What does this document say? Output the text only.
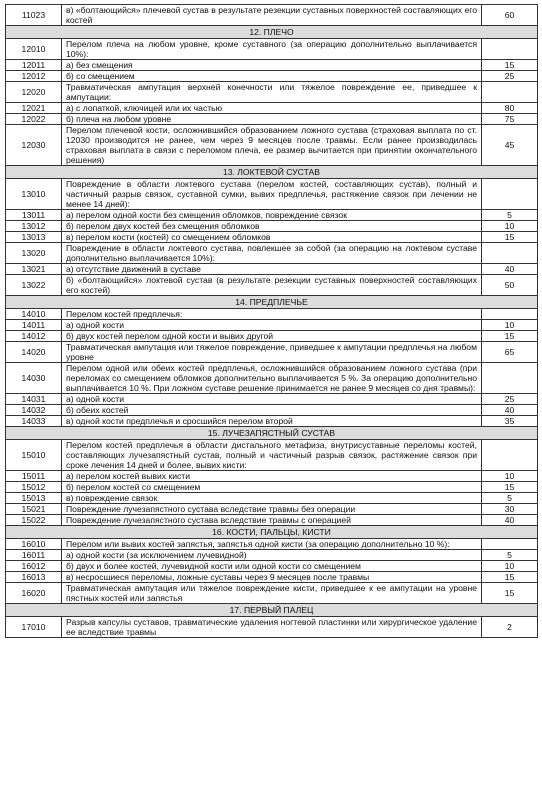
11023	в) «болтающийся» плечевой сустав в результате резекции суставных поверхностей составляющих его костей	60
12. ПЛЕЧО		
12010	Перелом плеча на любом уровне, кроме суставного (за операцию дополнительно выплачивается 10%):	
12011	а) без смещения	15
12012	б) со смещением	25
12020	Травматическая ампутация верхней конечности или тяжелое повреждение ее, приведшее к ампутации:	
12021	а) с лопаткой, ключицей или их частью	80
12022	б) плеча на любом уровне	75
12030	Перелом плечевой кости, осложнившийся образованием ложного сустава (страховая выплата по ст. 12030 производится не ранее, чем через 9 месяцев после травмы. Если ранее производилась страховая выплата в связи с переломом плеча, ее размер вычитается при принятии окончательного решения)	45
13. ЛОКТЕВОЙ СУСТАВ		
13010	Повреждение в области локтевого сустава (перелом костей, составляющих сустав), полный и частичный разрыв связок, суставной сумки, вывих предплечья, растяжение связок при лечении не менее 14 дней):	
13011	а) перелом одной кости без смещения обломков, повреждение связок	5
13012	б) перелом двух костей без смещения обломков	10
13013	в) перелом кости (костей) со смещением обломков	15
13020	Повреждение в области локтевого сустава, повлекшее за собой (за операцию на локтевом суставе дополнительно выплачивается 10%):	
13021	а) отсутствие движений в суставе	40
13022	б) «болтающийся» локтевой сустав (в результате резекции суставных поверхностей составляющих его костей)	50
14. ПРЕДПЛЕЧЬЕ		
14010	Перелом костей предплечья:	
14011	а) одной кости	10
14012	б) двух костей перелом одной кости и вывих другой	15
14020	Травматическая ампутация или тяжелое повреждение, приведшее к ампутации предплечья на любом уровне	65
14030	Перелом одной или обеих костей предплечья, осложнившийся образованием ложного сустава (при переломах со смещением обломков дополнительно выплачивается 5 %. За операцию дополнительно выплачивается 10 %. При ложном суставе решение принимается не ранее 9 месяцев со дня травмы):	
14031	а) одной кости	25
14032	б) обеих костей	40
14033	в) одной кости предплечья и сросшийся перелом второй	35
15. ЛУЧЕЗАПЯСТНЫЙ СУСТАВ		
15010	Перелом костей предплечья в области дистального метафиза, внутрисуставные переломы костей, составляющих лучезапястный сустав, полный и частичный разрыв связок, растяжение связок при сроке лечения 14 дней и более, вывих кисти:	
15011	а) перелом костей вывих кисти	10
15012	б) перелом костей со смещением	15
15013	в) повреждение связок	5
15021	Повреждение лучезапястного сустава вследствие травмы без операции	30
15022	Повреждение лучезапястного сустава вследствие травмы с операцией	40
16. КОСТИ, ПАЛЬЦЫ, КИСТИ		
16010	Перелом или вывих костей запястья, запястья одной кисти (за операцию дополнительно 10 %):	
16011	а) одной кости (за исключением лучевидной)	5
16012	б) двух и более костей, лучевидной кости или одной кости со смещением	10
16013	в) несросшиеся переломы, ложные суставы через 9 месяцев после травмы	15
16020	Травматическая ампутация или тяжелое повреждение кисти, приведшее к ее ампутации на уровне пястных костей или запястья	15
17. ПЕРВЫЙ ПАЛЕЦ		
17010	Разрыв капсулы суставов, травматические удаления ногтевой пластинки или хирургическое удаление ее вследствие травмы	2
